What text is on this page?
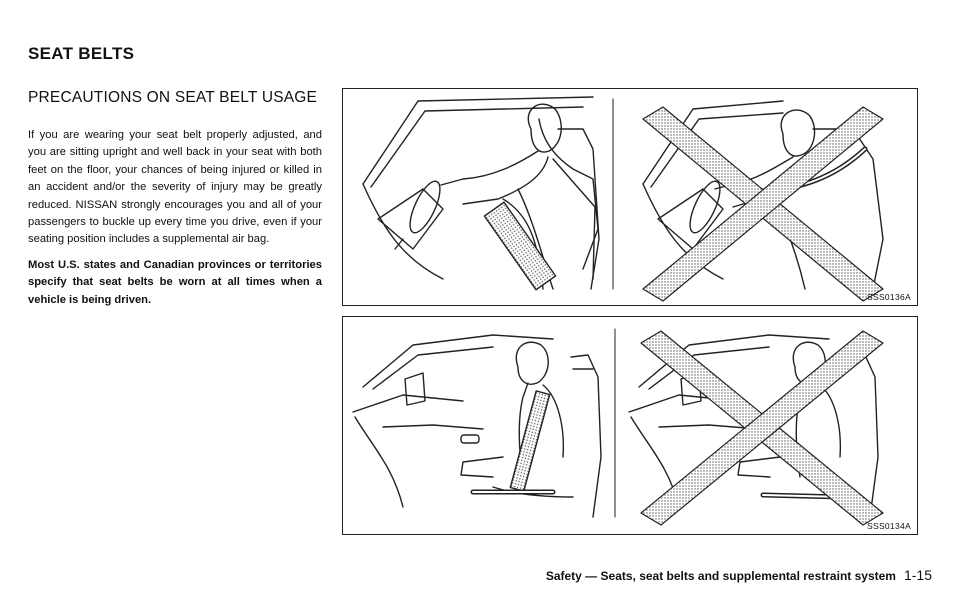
SEAT BELTS
PRECAUTIONS ON SEAT BELT USAGE

If you are wearing your seat belt properly adjusted, and you are sitting upright and well back in your seat with both feet on the floor, your chances of being injured or killed in an accident and/or the severity of injury may be greatly reduced. NISSAN strongly encourages you and all of your passengers to buckle up every time you drive, even if your seating position includes a supplemental air bag.

Most U.S. states and Canadian provinces or territories specify that seat belts be worn at all times when a vehicle is being driven.	SSS0136A
SSS0134A
Safety — Seats, seat belts and supplemental restraint system 1-15
